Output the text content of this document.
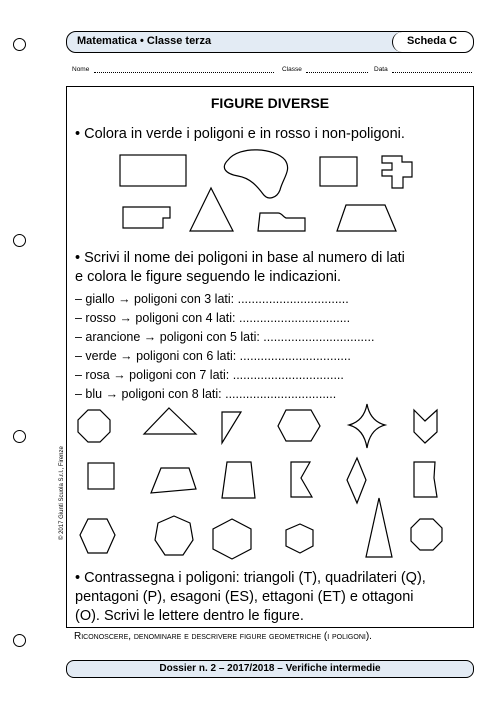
Matematica • Classe terza	Scheda C
Nome	Classe	Data
FIGURE DIVERSE
• Colora in verde i poligoni e in rosso i non-poligoni.
• Scrivi il nome dei poligoni in base al numero di lati
e colora le figure seguendo le indicazioni.
– giallo → poligoni con 3 lati: ................................
– rosso → poligoni con 4 lati: ................................
– arancione → poligoni con 5 lati: ................................
– verde → poligoni con 6 lati: ................................
– rosa → poligoni con 7 lati: ................................
– blu → poligoni con 8 lati: ................................
• Contrassegna i poligoni: triangoli (T), quadrilateri (Q),
pentagoni (P), esagoni (ES), ettagoni (ET) e ottagoni
(O). Scrivi le lettere dentro le figure.
Riconoscere, denominare e descrivere figure geometriche (i poligoni).
© 2017 Giunti Scuola S.r.l., Firenze
Dossier n. 2 – 2017/2018 – Verifiche intermedie
